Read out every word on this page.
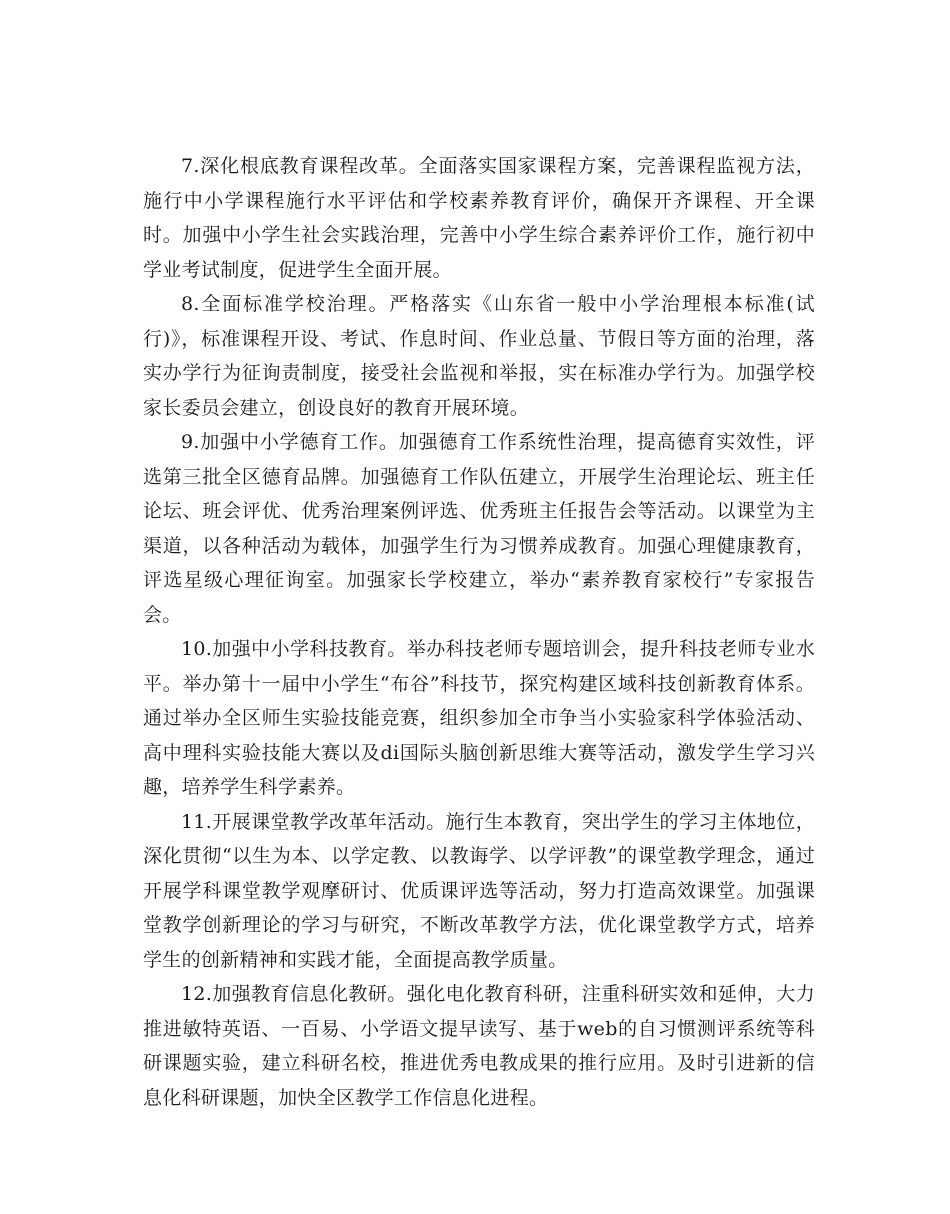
7.深化根底教育课程改革。全面落实国家课程方案，完善课程监视方法，施行中小学课程施行水平评估和学校素养教育评价，确保开齐课程、开全课时。加强中小学生社会实践治理，完善中小学生综合素养评价工作，施行初中学业考试制度，促进学生全面开展。

8.全面标准学校治理。严格落实《山东省一般中小学治理根本标准(试行)》，标准课程开设、考试、作息时间、作业总量、节假日等方面的治理，落实办学行为征询责制度，接受社会监视和举报，实在标准办学行为。加强学校家长委员会建立，创设良好的教育开展环境。

9.加强中小学德育工作。加强德育工作系统性治理，提高德育实效性，评选第三批全区德育品牌。加强德育工作队伍建立，开展学生治理论坛、班主任论坛、班会评优、优秀治理案例评选、优秀班主任报告会等活动。以课堂为主渠道，以各种活动为载体，加强学生行为习惯养成教育。加强心理健康教育，评选星级心理征询室。加强家长学校建立，举办“素养教育家校行”专家报告会。

10.加强中小学科技教育。举办科技老师专题培训会，提升科技老师专业水平。举办第十一届中小学生“布谷”科技节，探究构建区域科技创新教育体系。通过举办全区师生实验技能竞赛，组织参加全市争当小实验家科学体验活动、高中理科实验技能大赛以及di国际头脑创新思维大赛等活动，激发学生学习兴趣，培养学生科学素养。

11.开展课堂教学改革年活动。施行生本教育，突出学生的学习主体地位，深化贯彻“以生为本、以学定教、以教诲学、以学评教”的课堂教学理念，通过开展学科课堂教学观摩研讨、优质课评选等活动，努力打造高效课堂。加强课堂教学创新理论的学习与研究，不断改革教学方法，优化课堂教学方式，培养学生的创新精神和实践才能，全面提高教学质量。

12.加强教育信息化教研。强化电化教育科研，注重科研实效和延伸，大力推进敏特英语、一百易、小学语文提早读写、基于web的自习惯测评系统等科研课题实验，建立科研名校，推进优秀电教成果的推行应用。及时引进新的信息化科研课题，加快全区教学工作信息化进程。
